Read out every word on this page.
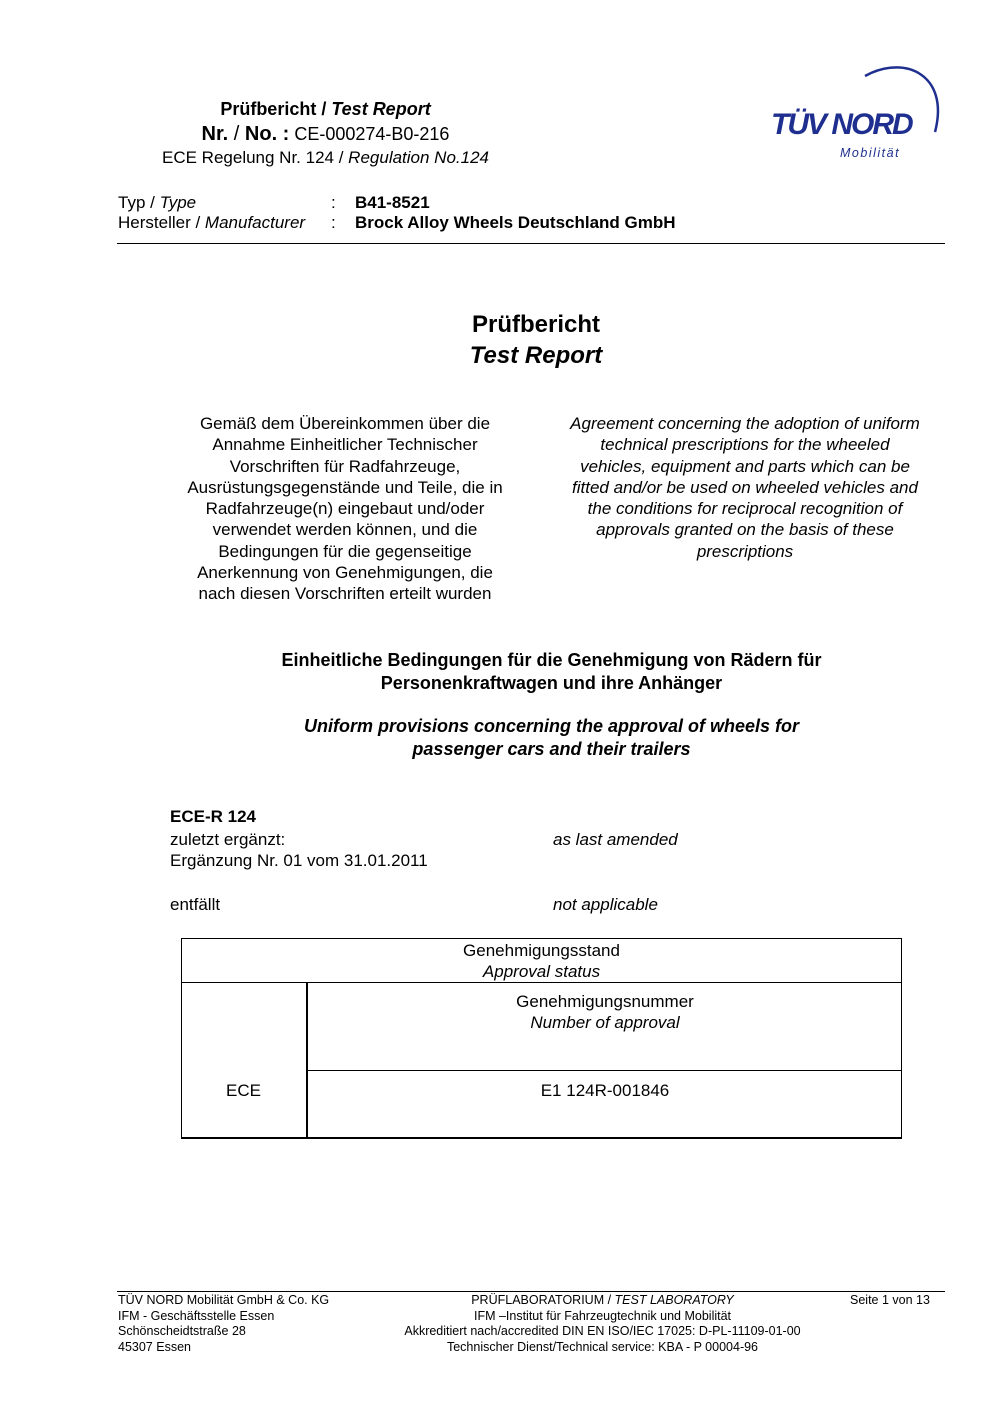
Prüfbericht / Test Report
Nr. / No. : CE-000274-B0-216
ECE Regelung Nr. 124 / Regulation No.124
TÜV NORD
Mobilität
Typ / Type	: B41-8521
Hersteller / Manufacturer	: Brock Alloy Wheels Deutschland GmbH
Prüfbericht
Test Report
Gemäß dem Übereinkommen über die
Annahme Einheitlicher Technischer
Vorschriften für Radfahrzeuge,
Ausrüstungsgegenstände und Teile, die in
Radfahrzeuge(n) eingebaut und/oder
verwendet werden können, und die
Bedingungen für die gegenseitige
Anerkennung von Genehmigungen, die
nach diesen Vorschriften erteilt wurden
Agreement concerning the adoption of uniform
technical prescriptions for the wheeled
vehicles, equipment and parts which can be
fitted and/or be used on wheeled vehicles and
the conditions for reciprocal recognition of
approvals granted on the basis of these
prescriptions
Einheitliche Bedingungen für die Genehmigung von Rädern für
Personenkraftwagen und ihre Anhänger
Uniform provisions concerning the approval of wheels for
passenger cars and their trailers
ECE-R 124
zuletzt ergänzt:	as last amended
Ergänzung Nr. 01 vom 31.01.2011
entfällt	not applicable
Genehmigungsstand
Approval status
Genehmigungsnummer
Number of approval
ECE	E1 124R-001846
TÜV NORD Mobilität GmbH & Co. KG
IFM - Geschäftsstelle Essen
Schönscheidtstraße 28
45307 Essen
PRÜFLABORATORIUM / TEST LABORATORY
IFM –Institut für Fahrzeugtechnik und Mobilität
Akkreditiert nach/accredited DIN EN ISO/IEC 17025: D-PL-11109-01-00
Technischer Dienst/Technical service: KBA - P 00004-96
Seite 1 von 13
